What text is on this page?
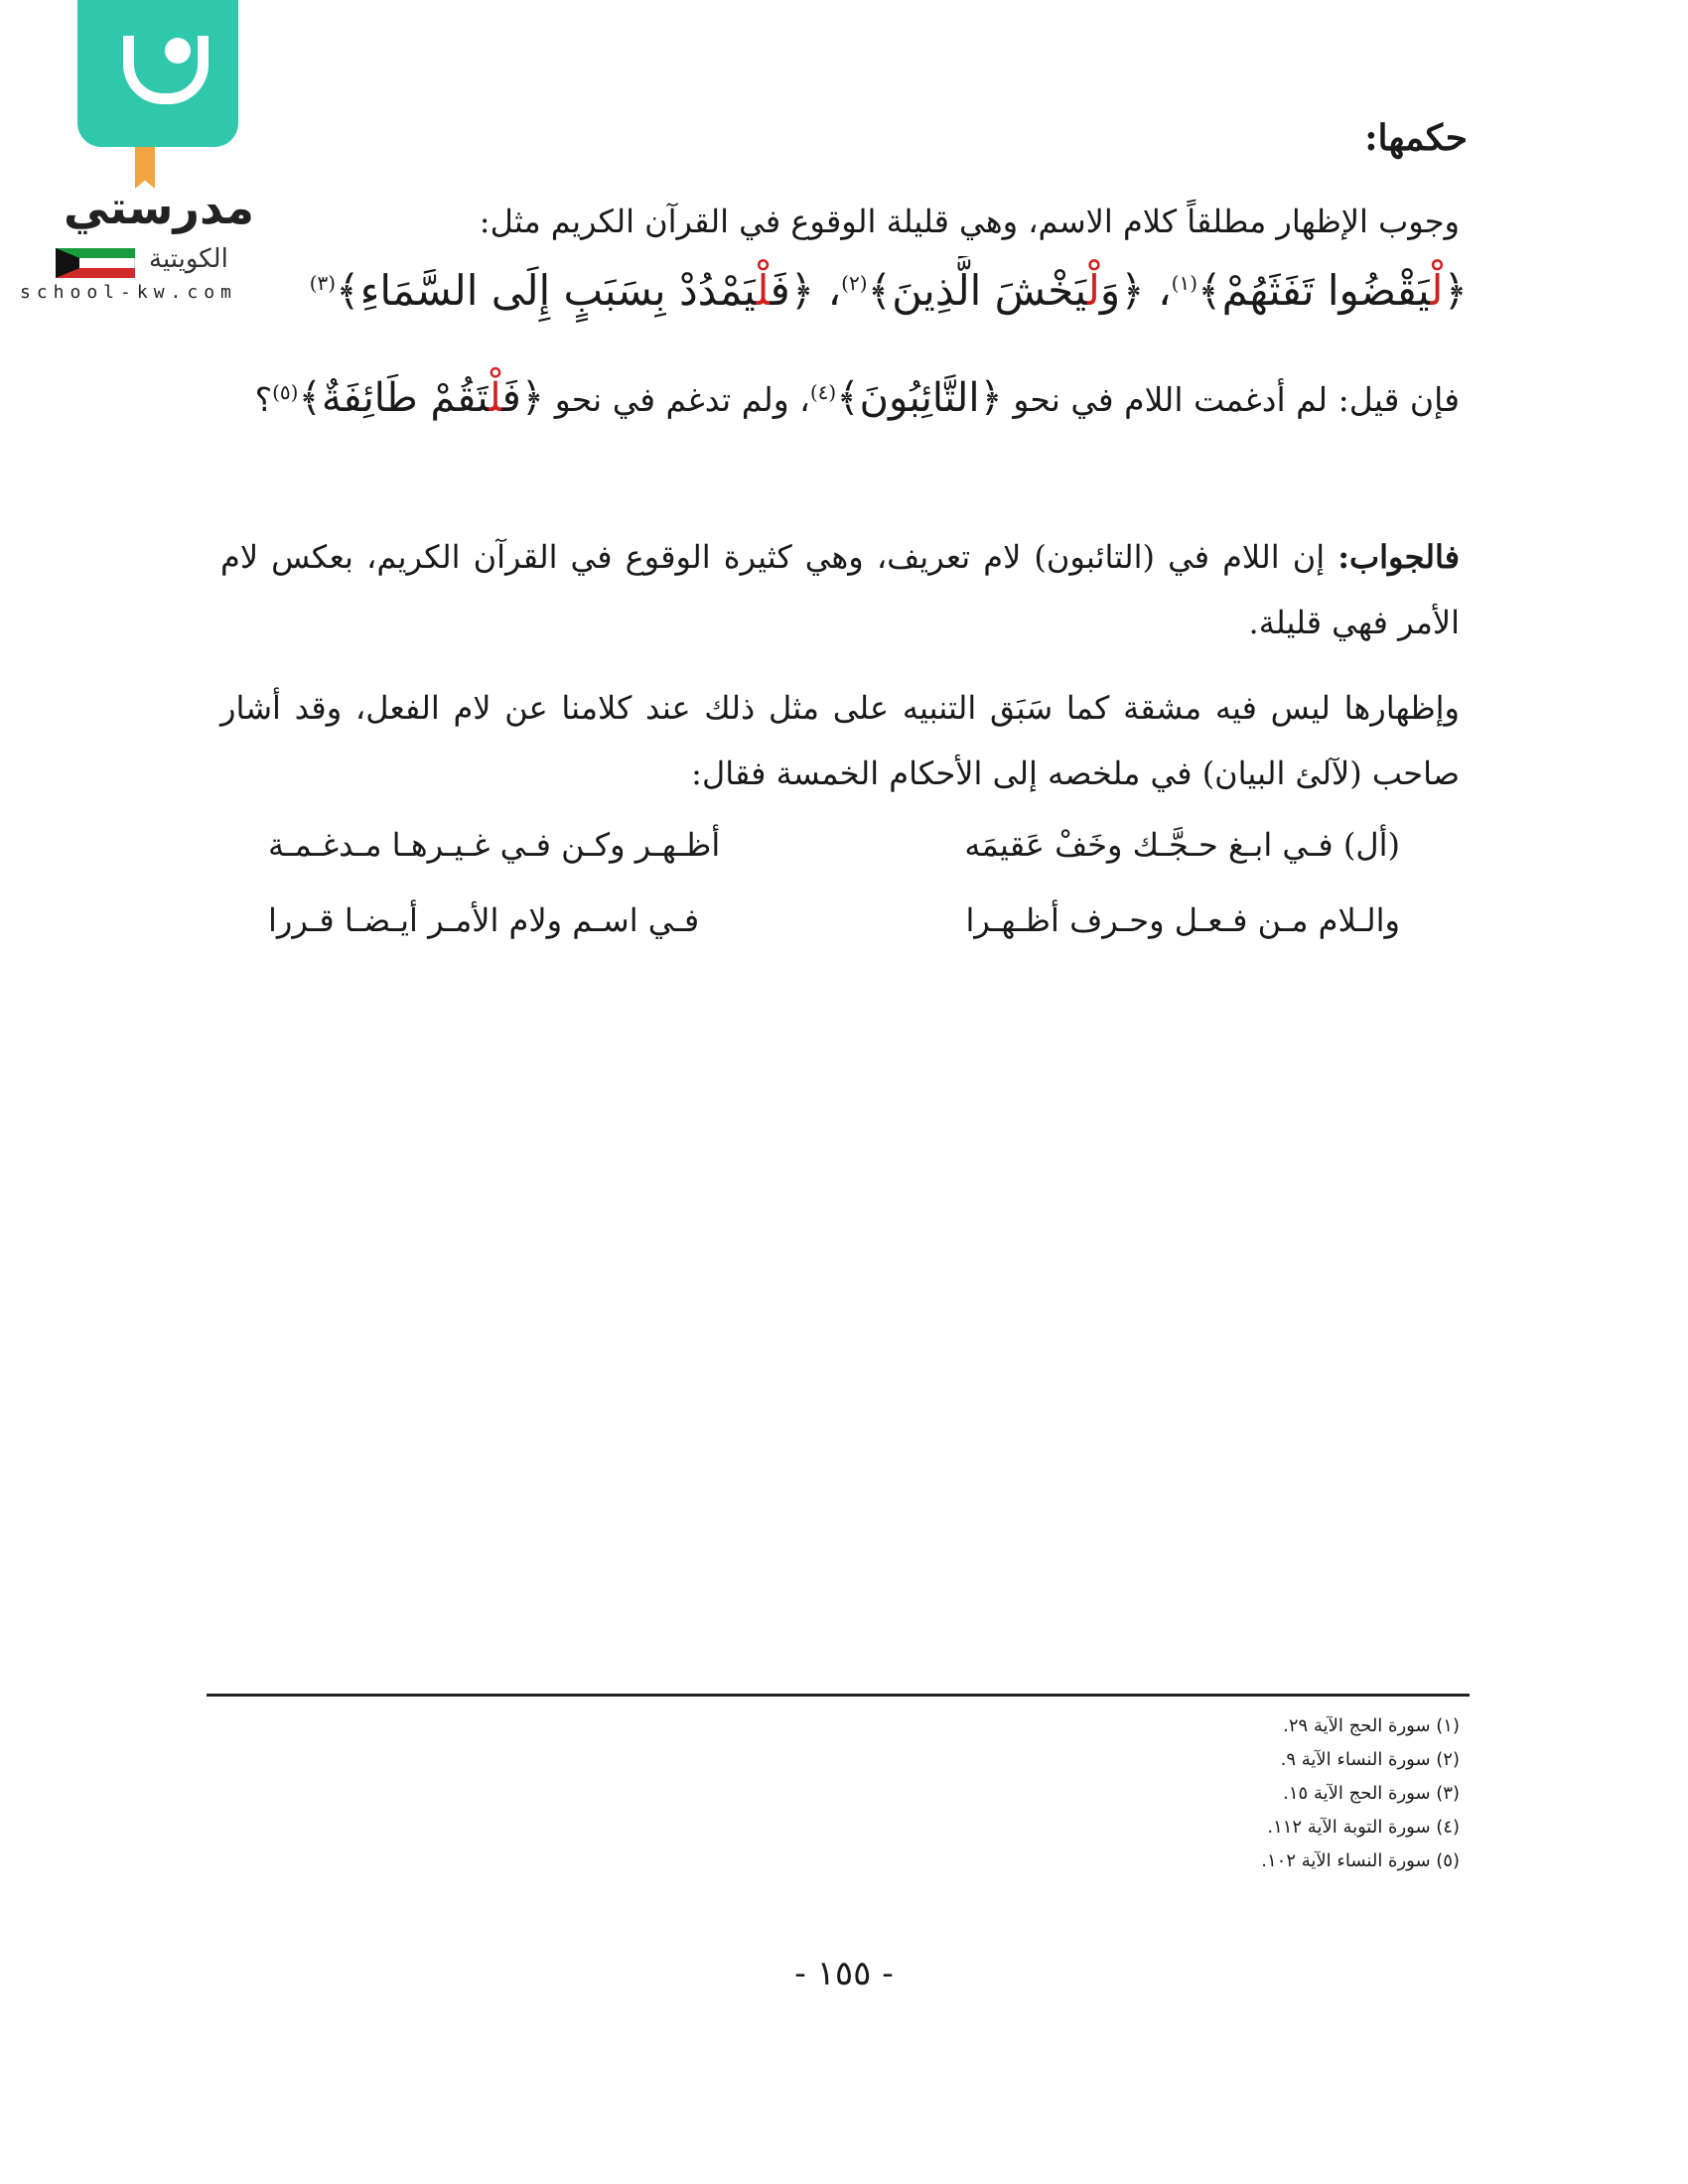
مدرستي
الكويتية
school-kw.com
حكمها:
وجوب الإظهار مطلقاً كلام الاسم، وهي قليلة الوقوع في القرآن الكريم مثل:
﴿لْيَقْضُوا تَفَثَهُمْ﴾$^{(١)}$، ﴿وَلْيَخْشَ الَّذِينَ﴾$^{(٢)}$، ﴿فَلْيَمْدُدْ بِسَبَبٍ إِلَى السَّمَاءِ﴾$^{(٣)}$
فإن قيل: لم أدغمت اللام في نحو ﴿التَّائِبُونَ﴾$^{(٤)}$، ولم تدغم في نحو ﴿فَلْتَقُمْ طَائِفَةٌ﴾$^{(٥)}$؟
فالجواب: إن اللام في (التائبون) لام تعريف، وهي كثيرة الوقوع في القرآن الكريم، بعكس لام الأمر فهي قليلة.
وإظهارها ليس فيه مشقة كما سَبَق التنبيه على مثل ذلك عند كلامنا عن لام الفعل، وقد أشار صاحب (لآلئ البيان) في ملخصه إلى الأحكام الخمسة فقال:
(أل) فـي ابـغ حـجَّـك وخَفْ عَقيمَه
أظـهـر وكـن فـي غـيـرهـا مـدغـمـة
والـلام مـن فـعـل وحـرف أظـهـرا
فـي اسـم ولام الأمـر أيـضـا قـررا
(١) سورة الحج الآية ٢٩.
(٢) سورة النساء الآية ٩.
(٣) سورة الحج الآية ١٥.
(٤) سورة التوبة الآية ١١٢.
(٥) سورة النساء الآية ١٠٢.
- ١٥٥ -
